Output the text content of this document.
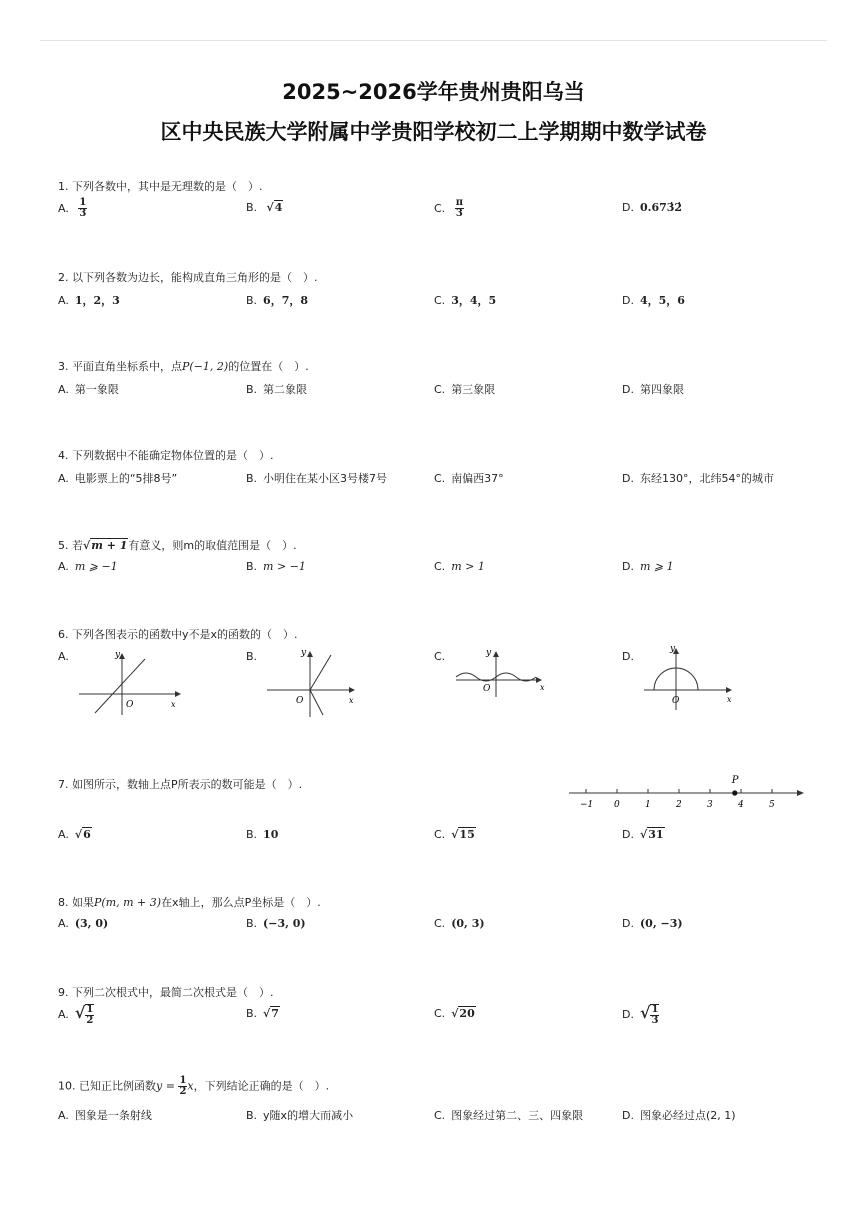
2025~2026学年贵州贵阳乌当
区中央民族大学附属中学贵阳学校初二上学期期中数学试卷
1. 下列各数中，其中是无理数的是（　）.
A. $\frac{1}{3}$	B. √4	C. $\frac{\pi}{3}$	D. 0.673̇2̇
2. 以下列各数为边长，能构成直角三角形的是（　）.
A. 1，2，3	B. 6，7，8	C. 3，4，5	D. 4，5，6
3. 平面直角坐标系中，点P(−1, 2)的位置在（　）.
A. 第一象限	B. 第二象限	C. 第三象限	D. 第四象限
4. 下列数据中不能确定物体位置的是（　）.
A. 电影票上的“5排8号”	B. 小明住在某小区3号楼7号	C. 南偏西37°	D. 东经130°，北纬54°的城市
5. 若√m + 1有意义，则m的取值范围是（　）.
A. m ⩾ −1	B. m > −1	C. m > 1	D. m ⩾ 1
6. 下列各图表示的函数中y不是x的函数的（　）.
A.	B.	C.	D.
y
x
O
y
x
O
y
x
O
y
x
O
7. 如图所示，数轴上点P所表示的数可能是（　）.
−1 0	1	2	3	4	5
P
A. √6	B. 10	C. √15	D. √31
8. 如果P(m, m + 3)在x轴上，那么点P坐标是（　）.
A. (3, 0)	B. (−3, 0)	C. (0, 3)	D. (0, −3)
9. 下列二次根式中，最简二次根式是（　）.
A. √ $\frac{1}{2}$	B. √7	C. √20	D. √ $\frac{1}{3}$
10. 已知正比例函数$y = \frac{1}{2}$ x，下列结论正确的是（　）.
A. 图象是一条射线	B. y随x的增大而减小	C. 图象经过第二、三、四象限	D. 图象必经过点(2, 1)
